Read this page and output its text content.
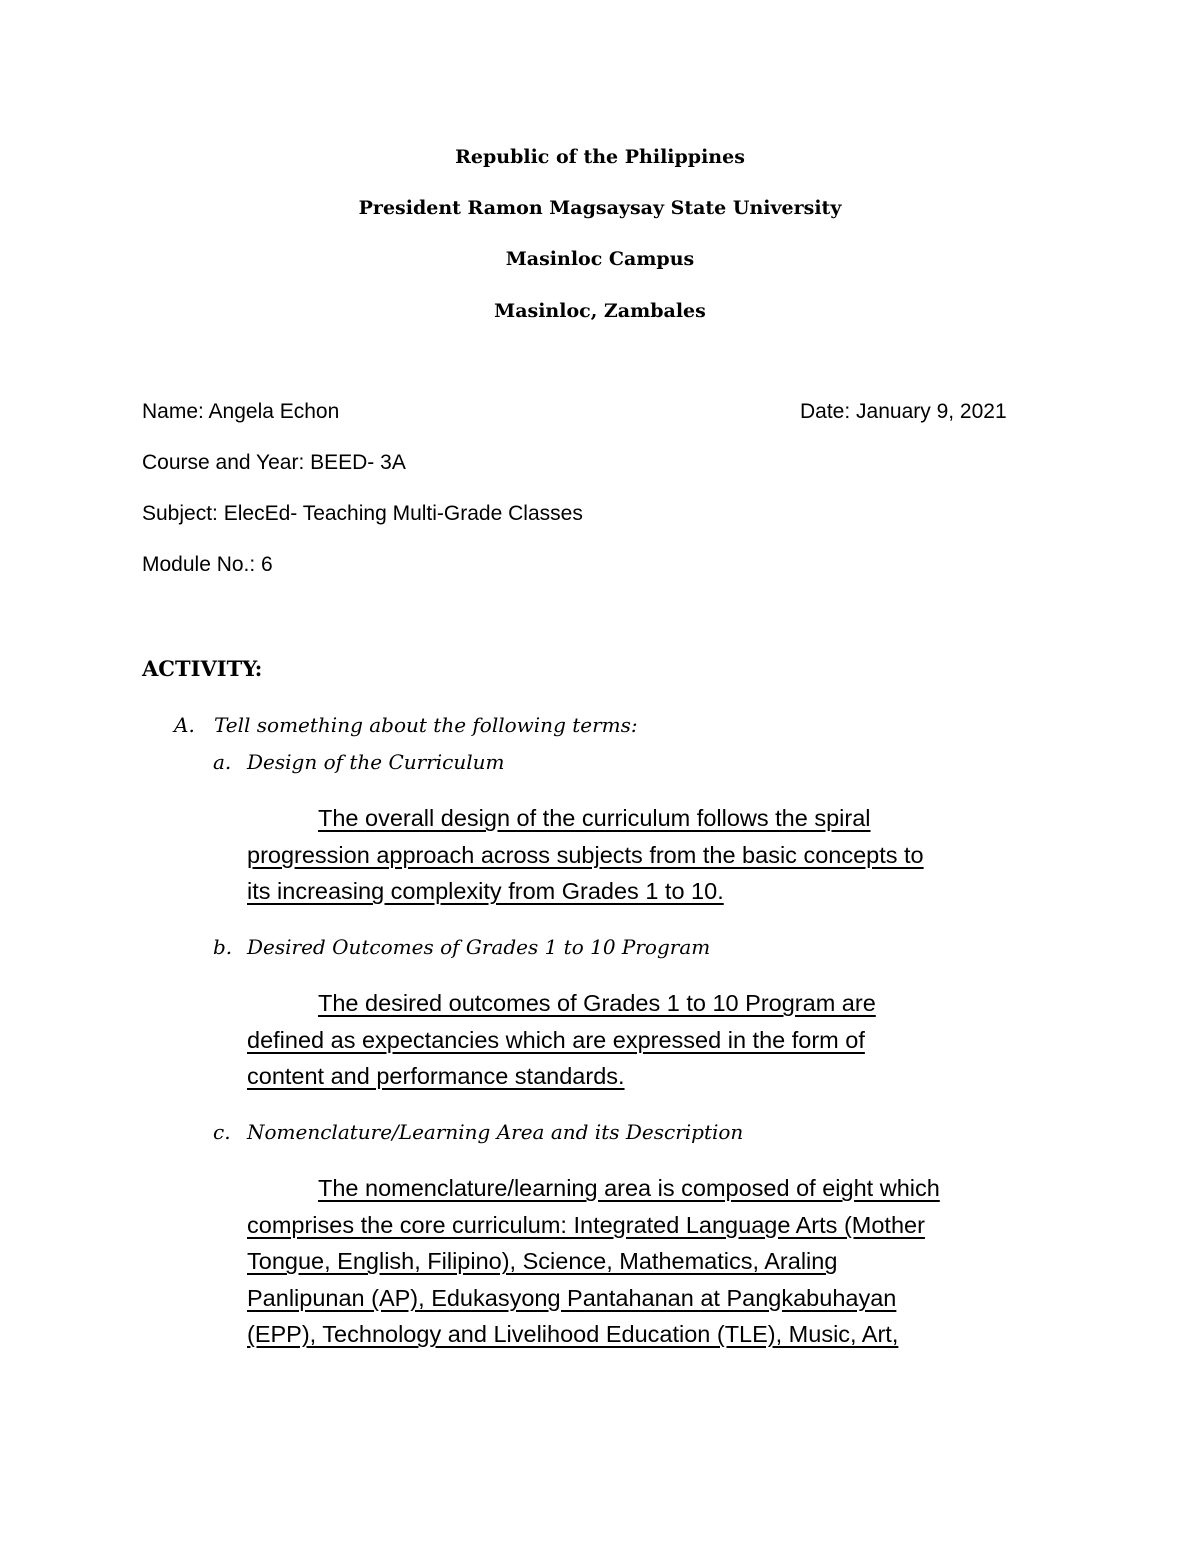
Republic of the Philippines
President Ramon Magsaysay State University
Masinloc Campus
Masinloc, Zambales
Name: Angela Echon	Date: January 9, 2021
Course and Year: BEED- 3A
Subject: ElecEd- Teaching Multi-Grade Classes
Module No.: 6
ACTIVITY:
A. Tell something about the following terms:
a. Design of the Curriculum
The overall design of the curriculum follows the spiral
progression approach across subjects from the basic concepts to
its increasing complexity from Grades 1 to 10.
b. Desired Outcomes of Grades 1 to 10 Program
The desired outcomes of Grades 1 to 10 Program are
defined as expectancies which are expressed in the form of
content and performance standards.
c. Nomenclature/Learning Area and its Description
The nomenclature/learning area is composed of eight which
comprises the core curriculum: Integrated Language Arts (Mother
Tongue, English, Filipino), Science, Mathematics, Araling
Panlipunan (AP), Edukasyong Pantahanan at Pangkabuhayan
(EPP), Technology and Livelihood Education (TLE), Music, Art,
